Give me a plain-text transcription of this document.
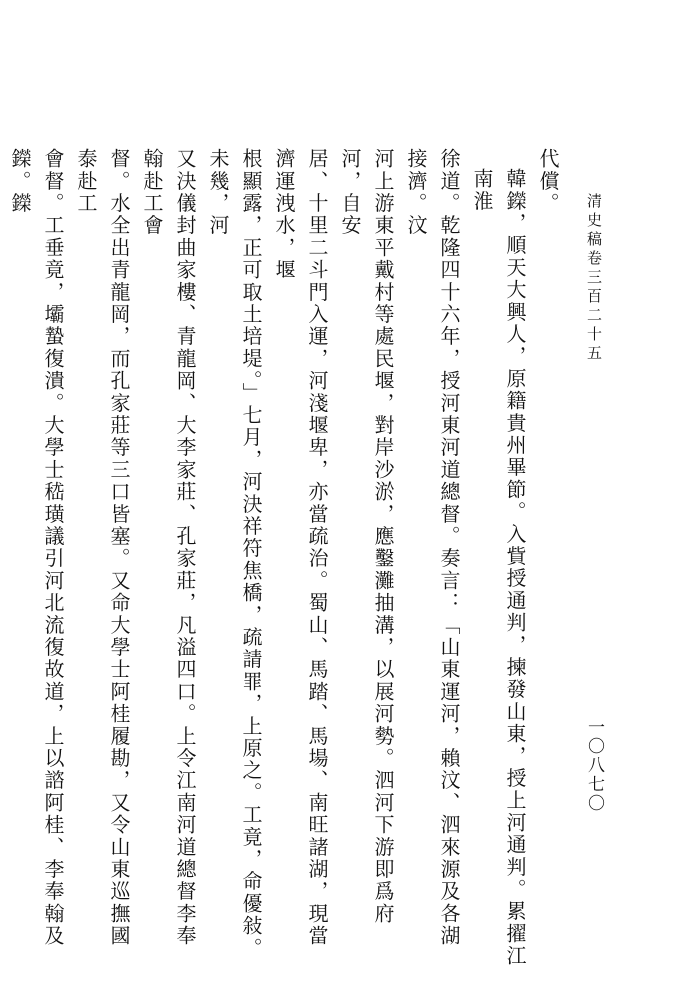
清史稿卷三百二十五

代償。

韓鑅，順天大興人，原籍貴州畢節。入貲授通判，揀發山東，授上河通判。累擢江南淮

徐道。乾隆四十六年，授河東河道總督。奏言：「山東運河，賴汶、泗來源及各湖接濟。汶

河上游東平戴村等處民堰，對岸沙淤，應鑿灘抽溝，以展河勢。泗河下游即爲府河，自安

居、十里二斗門入運，河淺堰卑，亦當疏治。蜀山、馬踏、馬場、南旺諸湖，現當濟運洩水，堰

根顯露，正可取土培堤。」七月，河決祥符焦橋，疏請罪，上原之。工竟，命優敍。未幾，河

又決儀封曲家樓、青龍岡、大李家莊、孔家莊，凡溢四口。上令江南河道總督李奉翰赴工會

督。水全出青龍岡，而孔家莊等三口皆塞。又命大學士阿桂履勘，又令山東巡撫國泰赴工

會督。工垂竟，壩蟄復潰。大學士嵇璜議引河北流復故道，上以諮阿桂、李奉翰及鑅。鑅

一〇八七〇
